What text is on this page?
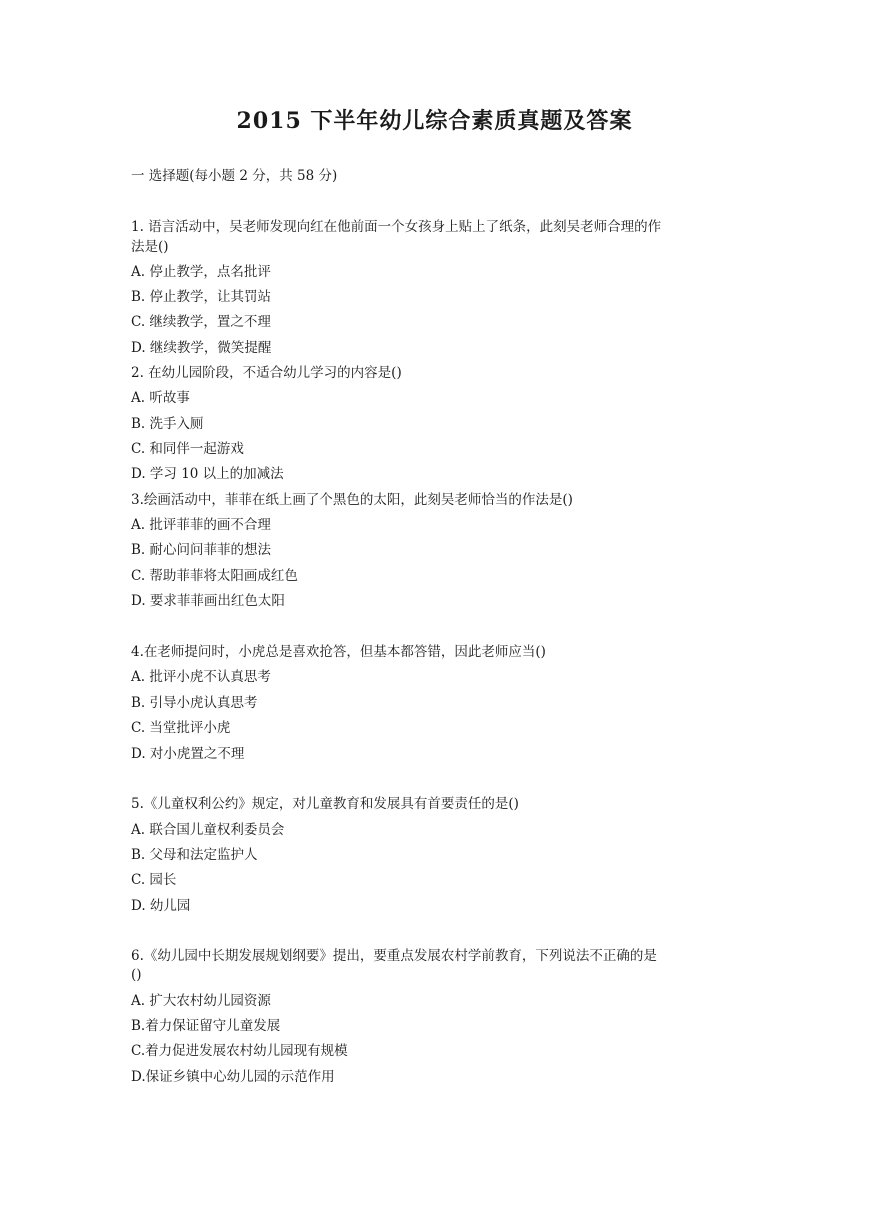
2015 下半年幼儿综合素质真题及答案
一 选择题(每小题 2 分，共 58 分)
1. 语言活动中，吴老师发现向红在他前面一个女孩身上贴上了纸条，此刻吴老师合理的作
法是()
A. 停止教学，点名批评
B. 停止教学，让其罚站
C. 继续教学，置之不理
D. 继续教学，微笑提醒
2. 在幼儿园阶段，不适合幼儿学习的内容是()
A. 听故事
B. 洗手入厕
C. 和同伴一起游戏
D. 学习 10 以上的加减法
3.绘画活动中，菲菲在纸上画了个黑色的太阳，此刻吴老师恰当的作法是()
A. 批评菲菲的画不合理
B. 耐心问问菲菲的想法
C. 帮助菲菲将太阳画成红色
D. 要求菲菲画出红色太阳
4.在老师提问时，小虎总是喜欢抢答，但基本都答错，因此老师应当()
A. 批评小虎不认真思考
B. 引导小虎认真思考
C. 当堂批评小虎
D. 对小虎置之不理
5.《儿童权利公约》规定，对儿童教育和发展具有首要责任的是()
A. 联合国儿童权利委员会
B. 父母和法定监护人
C. 园长
D. 幼儿园
6.《幼儿园中长期发展规划纲要》提出，要重点发展农村学前教育，下列说法不正确的是
()
A. 扩大农村幼儿园资源
B.着力保证留守儿童发展
C.着力促进发展农村幼儿园现有规模
D.保证乡镇中心幼儿园的示范作用
